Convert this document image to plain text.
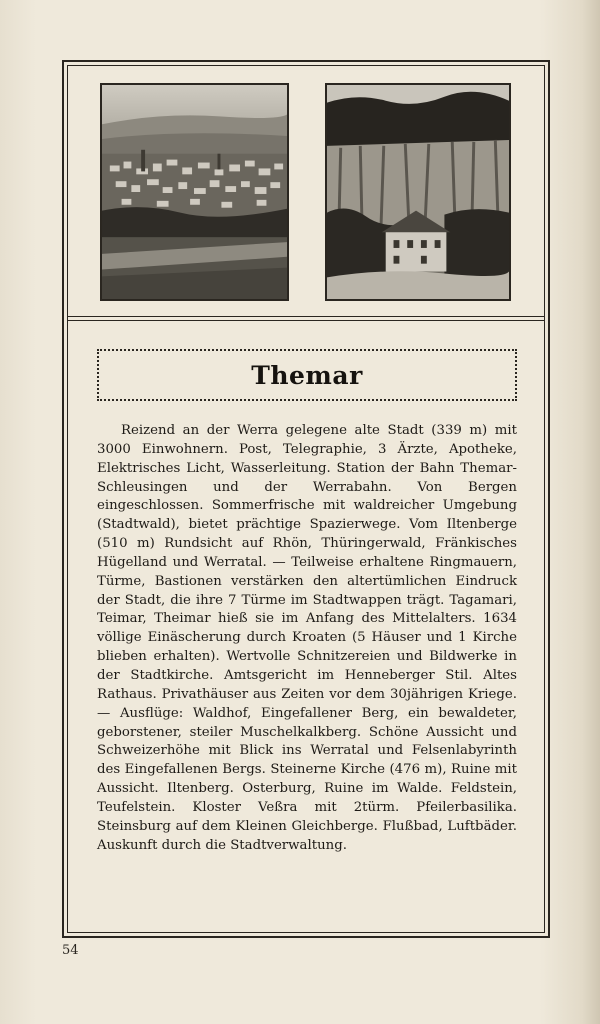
Themar

Reizend an der Werra gelegene alte Stadt (339 m) mit 3000 Einwohnern. Post, Telegraphie, 3 Ärzte, Apotheke, Elektrisches Licht, Wasserleitung. Station der Bahn Themar-Schleusingen und der Werrabahn. Von Bergen eingeschlossen. Sommerfrische mit waldreicher Umgebung (Stadtwald), bietet prächtige Spazierwege. Vom Iltenberge (510 m) Rundsicht auf Rhön, Thüringerwald, Fränkisches Hügelland und Werratal. — Teilweise erhaltene Ringmauern, Türme, Bastionen verstärken den altertümlichen Eindruck der Stadt, die ihre 7 Türme im Stadtwappen trägt. Tagamari, Teimar, Theimar hieß sie im Anfang des Mittelalters. 1634 völlige Einäscherung durch Kroaten (5 Häuser und 1 Kirche blieben erhalten). Wertvolle Schnitzereien und Bildwerke in der Stadtkirche. Amtsgericht im Henneberger Stil. Altes Rathaus. Privathäuser aus Zeiten vor dem 30jährigen Kriege. — Ausflüge: Waldhof, Eingefallener Berg, ein bewaldeter, geborstener, steiler Muschelkalkberg. Schöne Aussicht und Schweizerhöhe mit Blick ins Werratal und Felsenlabyrinth des Eingefallenen Bergs. Steinerne Kirche (476 m), Ruine mit Aussicht. Iltenberg. Osterburg, Ruine im Walde. Feldstein, Teufelstein. Kloster Veßra mit 2türm. Pfeilerbasilika. Steinsburg auf dem Kleinen Gleichberge. Flußbad, Luftbäder. Auskunft durch die Stadtverwaltung.

54
